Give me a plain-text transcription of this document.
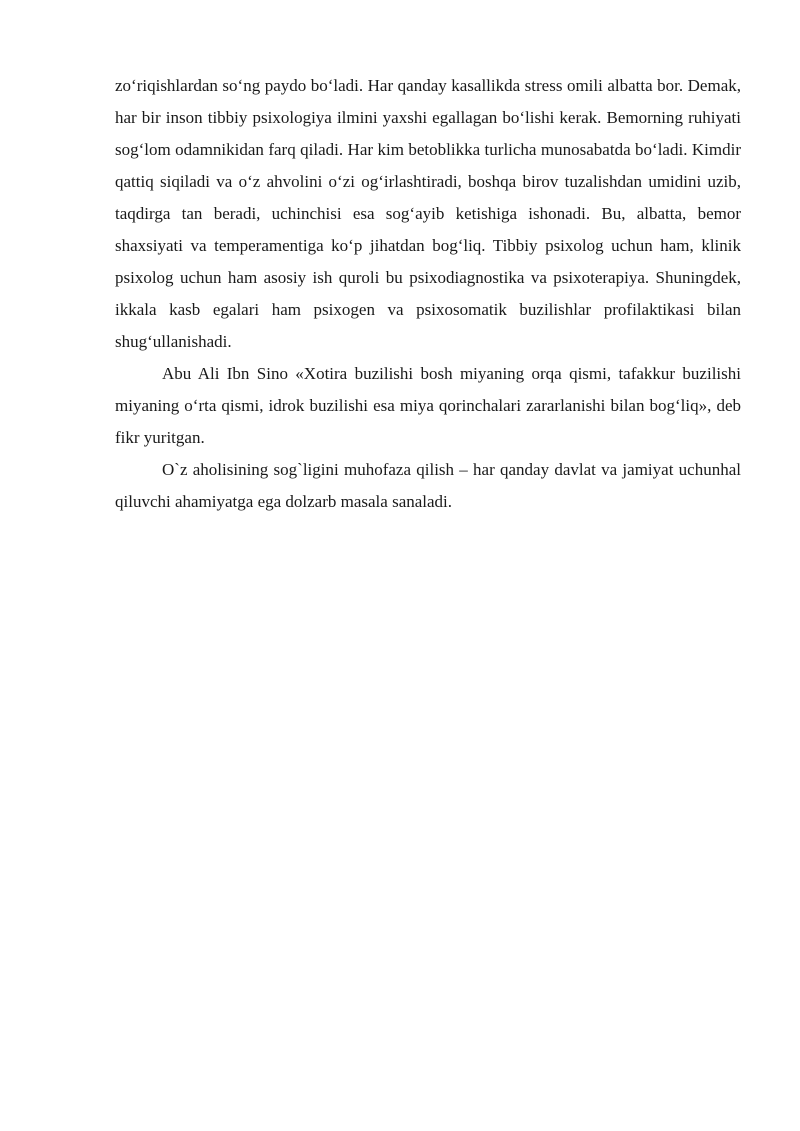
zo‘riqishlardan so‘ng paydo bo‘ladi. Har qanday kasallikda stress omili albatta bor. Demak, har bir inson tibbiy psixologiya ilmini yaxshi egallagan bo‘lishi kerak. Bemorning ruhiyati sog‘lom odamnikidan farq qiladi. Har kim betoblikka turlicha munosabatda bo‘ladi. Kimdir qattiq siqiladi va o‘z ahvolini o‘zi og‘irlashtiradi, boshqa birov tuzalishdan umidini uzib, taqdirga tan beradi, uchinchisi esa sog‘ayib ketishiga ishonadi. Bu, albatta, bemor shaxsiyati va temperamentiga ko‘p jihatdan bog‘liq. Tibbiy psixolog uchun ham, klinik psixolog uchun ham asosiy ish quroli bu psixodiagnostika va psixoterapiya. Shuningdek, ikkala kasb egalari ham psixogen va psixosomatik buzilishlar profilaktikasi bilan shug‘ullanishadi.

Abu Ali Ibn Sino «Xotira buzilishi bosh miyaning orqa qismi, tafakkur buzilishi miyaning o‘rta qismi, idrok buzilishi esa miya qorinchalari zararlanishi bilan bog‘liq», deb fikr yuritgan.

O`z aholisining sog`ligini muhofaza qilish – har qanday davlat va jamiyat uchunhal qiluvchi ahamiyatga ega dolzarb masala sanaladi.
